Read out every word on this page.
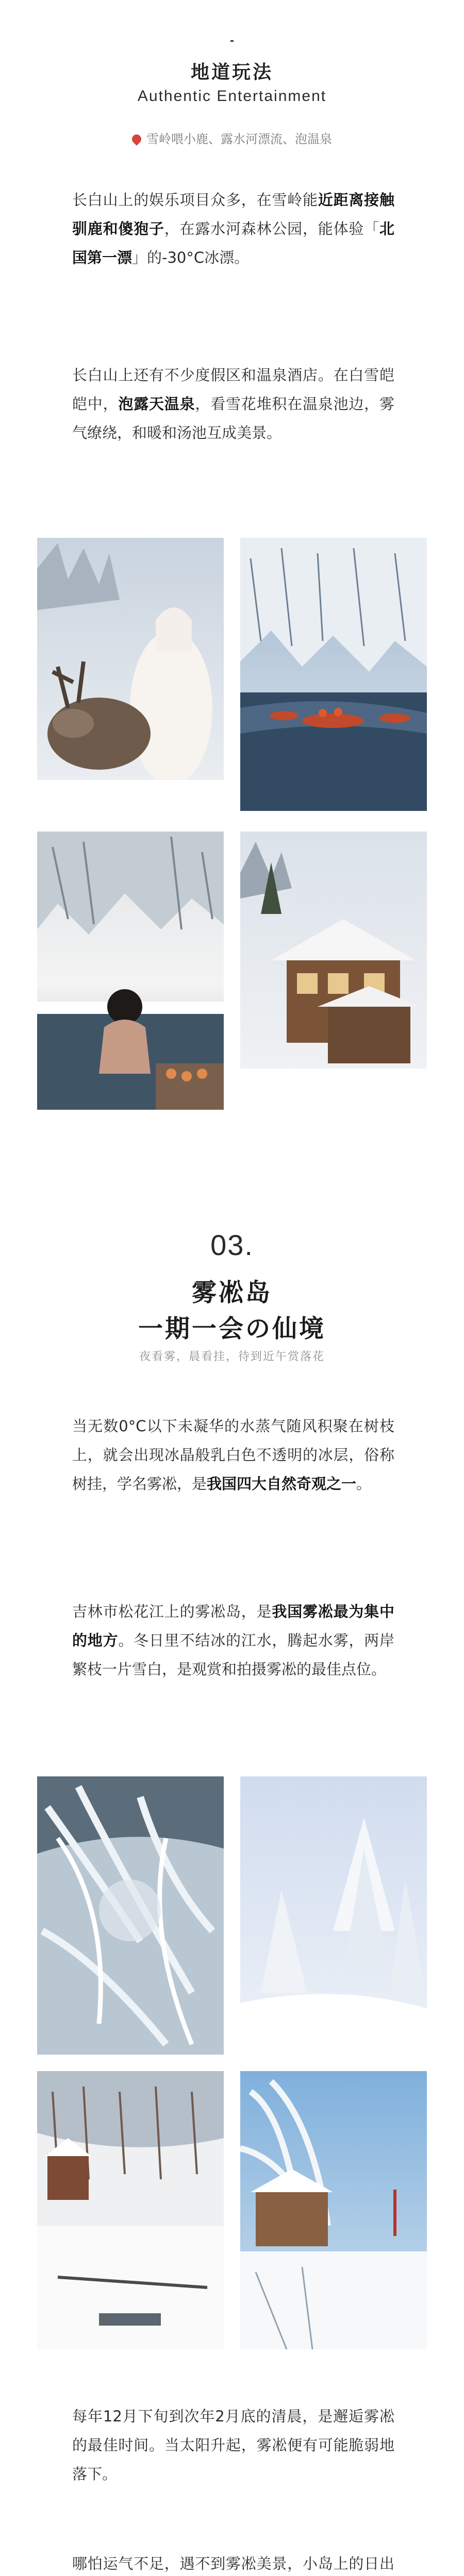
地道玩法
Authentic Entertainment
雪岭喂小鹿、露水河漂流、泡温泉
长白山上的娱乐项目众多，在雪岭能近距离接触驯鹿和傻狍子，在露水河森林公园，能体验「北国第一漂」的-30°C冰漂。
长白山上还有不少度假区和温泉酒店。在白雪皑皑中，泡露天温泉，看雪花堆积在温泉池边，雾气缭绕，和暖和汤池互成美景。
03.
雾凇岛
一期一会の仙境
夜看雾，晨看挂，待到近午赏落花
当无数0°C以下未凝华的水蒸气随风积聚在树枝上，就会出现冰晶般乳白色不透明的冰层，俗称树挂，学名雾凇，是我国四大自然奇观之一。
吉林市松花江上的雾凇岛，是我国雾凇最为集中的地方。冬日里不结冰的江水，腾起水雾，两岸繁枝一片雪白，是观赏和拍摄雾凇的最佳点位。
每年12月下旬到次年2月底的清晨，是邂逅雾凇的最佳时间。当太阳升起，雾凇便有可能脆弱地落下。
哪怕运气不足，遇不到雾凇美景，小岛上的日出
